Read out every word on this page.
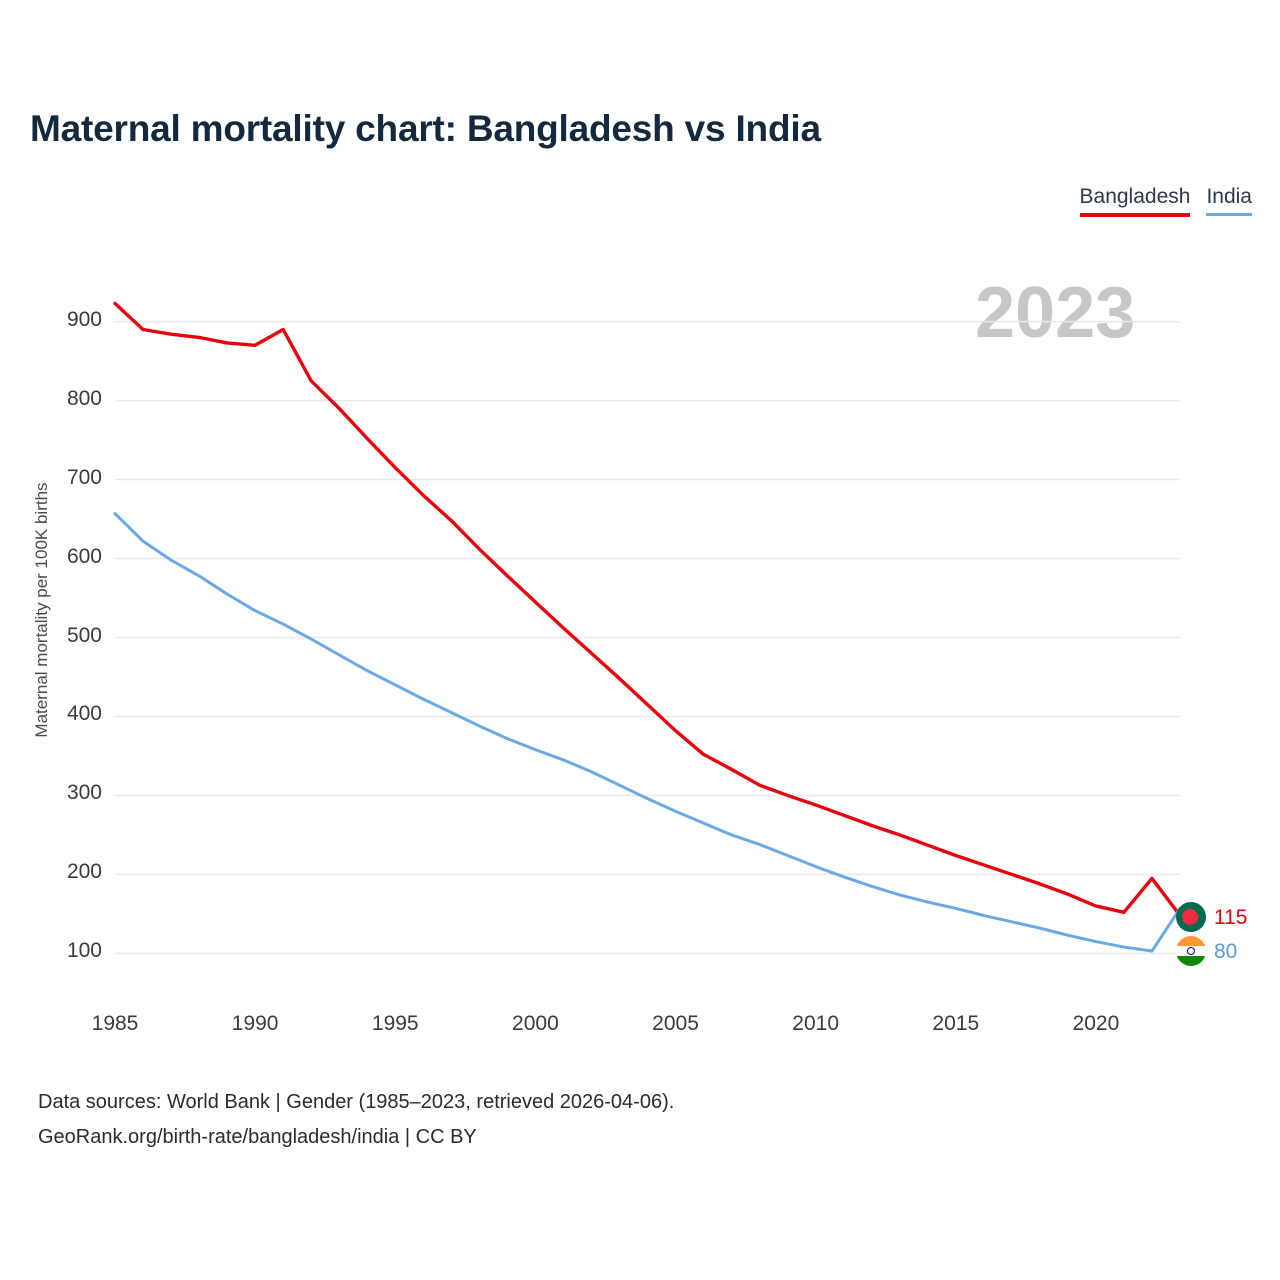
Maternal mortality chart: Bangladesh vs India
Bangladesh India
2023
Maternal mortality per 100K births
100
200
300
400
500
600
700
800
900
1985	1990	1995	2000	2005	2010	2015	2020
115
80
Data sources: World Bank | Gender (1985–2023, retrieved 2026-04-06).
GeoRank.org/birth-rate/bangladesh/india | CC BY
